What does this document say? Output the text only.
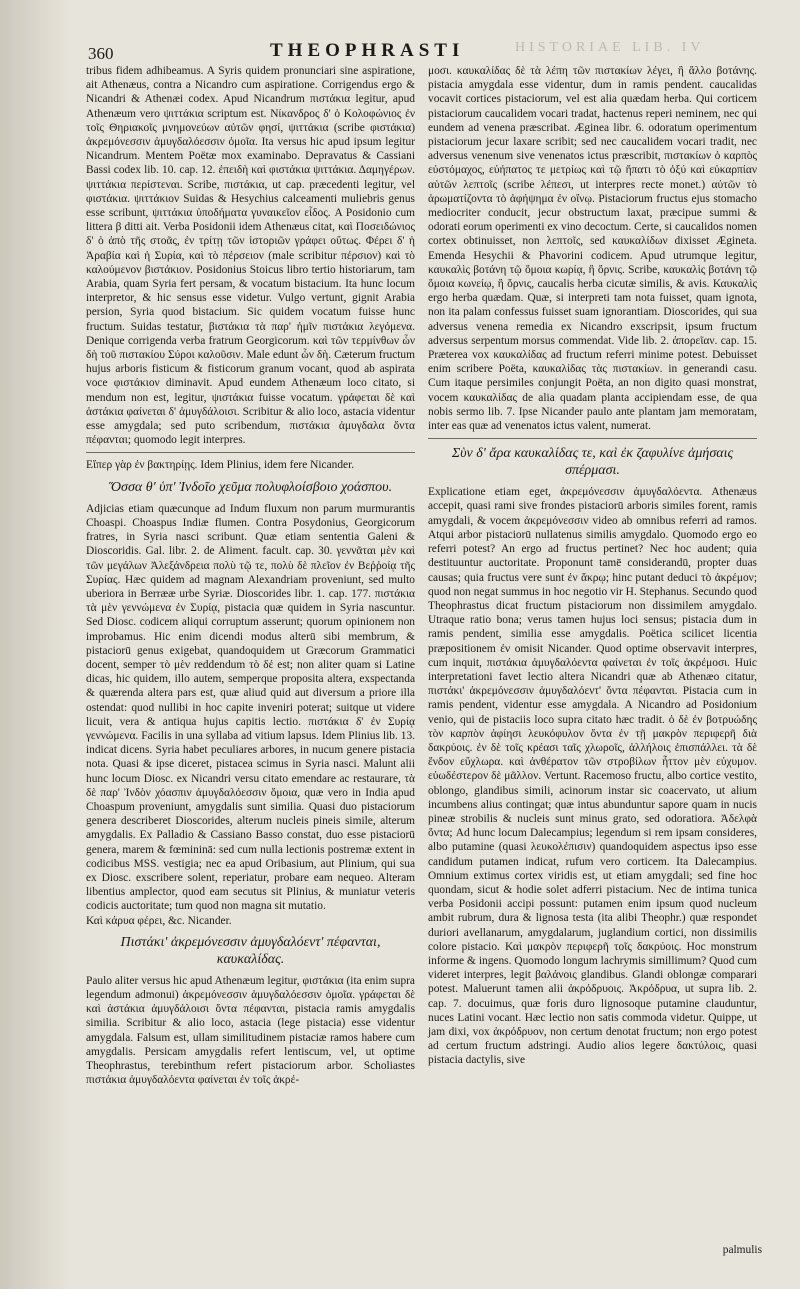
HISTORIAE LIB. IV
360	THEOPHRASTI

tribus fidem adhibeamus. A Syris quidem pronunciari sine aspiratione, ait Athenæus, contra a Nicandro cum aspiratione. Corrigendus ergo & Nicandri & Athenæi codex. Apud Nicandrum πιστάκια legitur, apud Athenæum vero ψιττάκια scriptum est. Νίκανδρος δ' ὁ Κολοφώνιος ἐν τοῖς Θηριακοῖς μνημονεύων αὐτῶν φησί, ψιττάκια (scribe φιστάκια) ἀκρεμόνεσσιν ἀμυγδαλόεσσιν ὁμοῖα. Ita versus hic apud ipsum legitur Nicandrum. Mentem Poëtæ mox examinabo. Depravatus & Cassiani Bassi codex lib. 10. cap. 12. ἐπειδὴ καὶ φιστάκια ψιττάκια. Δαμηγέρων. ψιττάκια περίστεναι. Scribe, πιστάκια, ut cap. præcedenti legitur, vel φιστάκια. ψιττάκιον Suidas & Hesychius calceamenti muliebris genus esse scribunt, ψιττάκια ὑποδήματα γυναικεῖον εἶδος. A Posidonio cum littera β ditti ait. Verba Posidonii idem Athenæus citat, καὶ Ποσειδώνιος δ' ὁ ἀπὸ τῆς στοᾶς, ἐν τρίτῃ τῶν ἱστοριῶν γράφει οὕτως. Φέρει δ' ἡ Ἀραβία καὶ ἡ Συρία, καὶ τὸ πέρσειον (male scribitur πέρσιον) καὶ τὸ καλούμενον βιστάκιον. Posidonius Stoicus libro tertio historiarum, tam Arabia, quam Syria fert persam, & vocatum bistacium. Ita hunc locum interpretor, & hic sensus esse videtur. Vulgo vertunt, gignit Arabia persion, Syria quod bistacium. Sic quidem vocatum fuisse hunc fructum. Suidas testatur, βιστάκια τὰ παρ' ἡμῖν πιστάκια λεγόμενα. Denique corrigenda verba fratrum Georgicorum. καὶ τῶν τερμίνθων ὧν δὴ τοῦ πιστακίου Σύροι καλοῦσιν. Male edunt ὧν δὴ. Cæterum fructum hujus arboris fisticum & fisticorum granum vocant, quod ab aspirata voce φιστάκιον diminavit. Apud eundem Athenæum loco citato, si mendum non est, legitur, ψιστάκια fuisse vocatum. γράφεται δὲ καὶ ἀστάκια φαίνεται δ' ἀμυγδάλοισι. Scribitur & alio loco, astacia videntur esse amygdala; sed puto scribendum, πιστάκια ἀμυγδαλα ὄντα πέφανται; quomodo legit interpres.

Εἴπερ γὰρ ἐν βακτηρίῃς. Idem Plinius, idem fere Nicander.

Ὅσσα θ' ὑπ' Ἰνδοῖο χεῦμα πολυφλοίσβοιο χοάσπου.

Adjicias etiam quæcunque ad Indum fluxum non parum murmurantis Choaspi. Choaspus Indiæ flumen. Contra Posydonius, Georgicorum fratres, in Syria nasci scribunt. Quæ etiam sententia Galeni & Dioscoridis. Gal. libr. 2. de Aliment. facult. cap. 30. γεννᾶται μὲν καὶ τῶν μεγάλων Ἀλεξάνδρεια πολὺ τῷ τε, πολὺ δὲ πλεῖον ἐν Βεῤῥοίᾳ τῆς Συρίας. Hæc quidem ad magnam Alexandriam proveniunt, sed multo uberiora in Berrææ urbe Syriæ. Dioscorides libr. 1. cap. 177. πιστάκια τὰ μὲν γεννώμενα ἐν Συρίᾳ, pistacia quæ quidem in Syria nascuntur. Sed Diosc. codicem aliqui corruptum asserunt; quorum opinionem non improbamus. Hic enim dicendi modus alterū sibi membrum, & pistaciorū genus exigebat, quandoquidem ut Græcorum Grammatici docent, semper τὸ μὲν reddendum τὸ δέ est; non aliter quam si Latine dicas, hic quidem, illo autem, semperque proposita altera, exspectanda & quærenda altera pars est, quæ aliud quid aut diversum a priore illa ostendat: quod nullibi in hoc capite inveniri poterat; suitque ut videre licuit, vera & antiqua hujus capitis lectio. πιστάκια δ' ἐν Συρίᾳ γεννώμενα. Facilis in una syllaba ad vitium lapsus. Idem Plinius lib. 13. indicat dicens. Syria habet peculiares arbores, in nucum genere pistacia nota. Quasi & ipse diceret, pistacea scimus in Syria nasci. Malunt alii hunc locum Diosc. ex Nicandri versu citato emendare ac restaurare, τὰ δὲ παρ' Ἰνδὸν χόασπιν ἀμυγδαλόεσσιν ὅμοια, quæ vero in India apud Choaspum proveniunt, amygdalis sunt similia. Quasi duo pistaciorum genera describeret Dioscorides, alterum nucleis pineis simile, alterum amygdalis. Ex Palladio & Cassiano Basso constat, duo esse pistaciorū genera, marem & fœmininā: sed cum nulla lectionis postremæ extent in codicibus MSS. vestigia; nec ea apud Oribasium, aut Plinium, qui sua ex Diosc. exscribere solent, reperiatur, probare eam nequeo. Alteram libentius amplector, quod eam secutus sit Plinius, & muniatur veteris codicis auctoritate; tum quod non magna sit mutatio.

Καὶ κάρυα φέρει, &c. Nicander.

Πιστάκι' ἀκρεμόνεσσιν ἀμυγδαλόεντ' πέφανται, καυκαλίδας.

Paulo aliter versus hic apud Athenæum legitur, φιστάκια (ita enim supra legendum admonui) ἀκρεμόνεσσιν ἀμυγδαλόεσσιν ὁμοῖα. γράφεται δὲ καὶ ἀστάκια ἀμυγδάλοισι ὄντα πέφανται, pistacia ramis amygdalis similia. Scribitur & alio loco, astacia (lege pistacia) esse videntur amygdala. Falsum est, ullam similitudinem pistaciæ ramos habere cum amygdalis. Persicam amygdalis refert lentiscum, vel, ut optime Theophrastus, terebinthum refert pistaciorum arbor. Scholiastes πιστάκια ἀμυγδαλόεντα φαίνεται ἐν τοῖς ἀκρέ-

μοσι. καυκαλίδας δὲ τὰ λέπη τῶν πιστακίων λέγει, ἢ ἄλλο βοτάνης. pistacia amygdala esse videntur, dum in ramis pendent. caucalidas vocavit cortices pistaciorum, vel est alia quædam herba. Qui corticem pistaciorum caucalidem vocari tradat, hactenus reperi neminem, nec qui eundem ad venena præscribat. Æginea libr. 6. odoratum operimentum pistaciorum jecur laxare scribit; sed nec caucalidem vocari tradit, nec adversus venenum sive venenatos ictus præscribit, πιστακίων ὁ καρπὸς εὐστόμαχος, εὐήπατος τε μετρίως καὶ τῷ ἥπατι τὸ ὀξύ καὶ εὐκαρπίαν αὐτῶν λεπτοῖς (scribe λέπεσι, ut interpres recte monet.) αὐτῶν τὸ ἀρωματίζοντα τὸ ἀφήψημα ἐν οἴνῳ. Pistaciorum fructus ejus stomacho mediocriter conducit, jecur obstructum laxat, præcipue summi & odorati eorum operimenti ex vino decoctum. Certe, si caucalidos nomen cortex obtinuisset, non λεπτοῖς, sed καυκαλίδων dixisset Ægineta. Emenda Hesychii & Phavorini codicem. Apud utrumque legitur, καυκαλὶς βοτάνη τῷ ὅμοια κωρίᾳ, ἢ ὄρνις. Scribe, καυκαλὶς βοτάνη τῷ ὅμοια κωνείῳ, ἢ ὄρνις, caucalis herba cicutæ similis, & avis. Καυκαλὶς ergo herba quædam. Quæ, si interpreti tam nota fuisset, quam ignota, non ita palam confessus fuisset suam ignorantiam. Dioscorides, qui sua adversus venena remedia ex Nicandro exscripsit, ipsum fructum adversus serpentum morsus commendat. Vide lib. 2. ἀπορεῖαν. cap. 15. Præterea vox καυκαλίδας ad fructum referri minime potest. Debuisset enim scribere Poëta, καυκαλίδας τὰς πιστακίων. in generandi casu. Cum itaque persimiles conjungit Poëta, an non digito quasi monstrat, vocem καυκαλίδας de alia quadam planta accipiendam esse, de qua nobis sermo lib. 7. Ipse Nicander paulo ante plantam jam memoratam, inter eas quæ ad venenatos ictus valent, numerat.

Σὺν δ' ἄρα καυκαλίδας τε, καὶ ἐκ ζαφυλίνε ἀμήσαις σπέρμασι.

Explicatione etiam eget, ἀκρεμόνεσσιν ἀμυγδαλόεντα. Athenæus accepit, quasi rami sive frondes pistaciorū arboris similes forent, ramis amygdali, & vocem ἀκρεμόνεσσιν video ab omnibus referri ad ramos. Atqui arbor pistaciorū nullatenus similis amygdalo. Quomodo ergo eo referri potest? An ergo ad fructus pertinet? Nec hoc audent; quia destituuntur auctoritate. Proponunt tamē considerandū, propter duas causas; quia fructus vere sunt ἐν ἄκρῳ; hinc putant deduci τὸ ἀκρέμον; quod non negat summus in hoc negotio vir H. Stephanus. Secundo quod Theophrastus dicat fructum pistaciorum non dissimilem amygdalo. Utraque ratio bona; verus tamen hujus loci sensus; pistacia dum in ramis pendent, similia esse amygdalis. Poëtica scilicet licentia præpositionem ἐν omisit Nicander. Quod optime observavit interpres, cum inquit, πιστάκια ἀμυγδαλόεντα φαίνεται ἐν τοῖς ἀκρέμοσι. Huic interpretationi favet lectio altera Nicandri quæ ab Athenæo citatur, πιστάκι' ἀκρεμόνεσσιν ἀμυγδαλόεντ' ὄντα πέφανται. Pistacia cum in ramis pendent, videntur esse amygdala. A Nicandro ad Posidonium venio, qui de pistaciis loco supra citato hæc tradit. ὁ δὲ ἐν βοτρυώδης τὸν καρπὸν ἀφίησι λευκόφυλον ὄντα ἐν τῇ μακρὸν περιφερῆ διὰ δακρύοις. ἐν δὲ τοῖς κρέασι ταῖς χλωροῖς, ἀλλήλοις ἐπισπάλλει. τὰ δὲ ἔνδον εὔχλωρα. καὶ ἀνθέρατον τῶν στροβίλων ἧττον μὲν εὐχυμον. εὐωδέστερον δὲ μᾶλλον. Vertunt. Racemoso fructu, albo cortice vestito, oblongo, glandibus simili, acinorum instar sic coacervato, ut alium incumbens alius contingat; quæ intus abunduntur sapore quam in nucis pineæ strobilis & nucleis sunt minus grato, sed odoratiora. Ἀδελφὰ ὄντα; Ad hunc locum Dalecampius; legendum si rem ipsam consideres, albo putamine (quasi λευκολέπισιν) quandoquidem aspectus ipso esse candidum putamen indicat, rufum vero corticem. Ita Dalecampius. Omnium extimus cortex viridis est, ut etiam amygdali; sed fine hoc quondam, sicut & hodie solet adferri pistacium. Nec de intima tunica verba Posidonii accipi possunt: putamen enim ipsum quod nucleum ambit rubrum, dura & lignosa testa (ita alibi Theophr.) quæ respondet duriori avellanarum, amygdalarum, juglandium cortici, non dissimilis colore pistacio. Καὶ μακρὸν περιφερῆ τοῖς δακρύοις. Hoc monstrum informe & ingens. Quomodo longum lachrymis simillimum? Quod cum videret interpres, legit βαλάνοις glandibus. Glandi oblongæ comparari potest. Maluerunt tamen alii ἀκρόδρυοις. Ἀκρόδρυα, ut supra lib. 2. cap. 7. docuimus, quæ foris duro lignosoque putamine clauduntur, nuces Latini vocant. Hæc lectio non satis commoda videtur. Quippe, ut jam dixi, vox ἀκρόδρυον, non certum denotat fructum; non ergo potest ad certum fructum adstringi. Audio alios legere δακτύλοις, quasi pistacia dactylis, sive

palmulis
